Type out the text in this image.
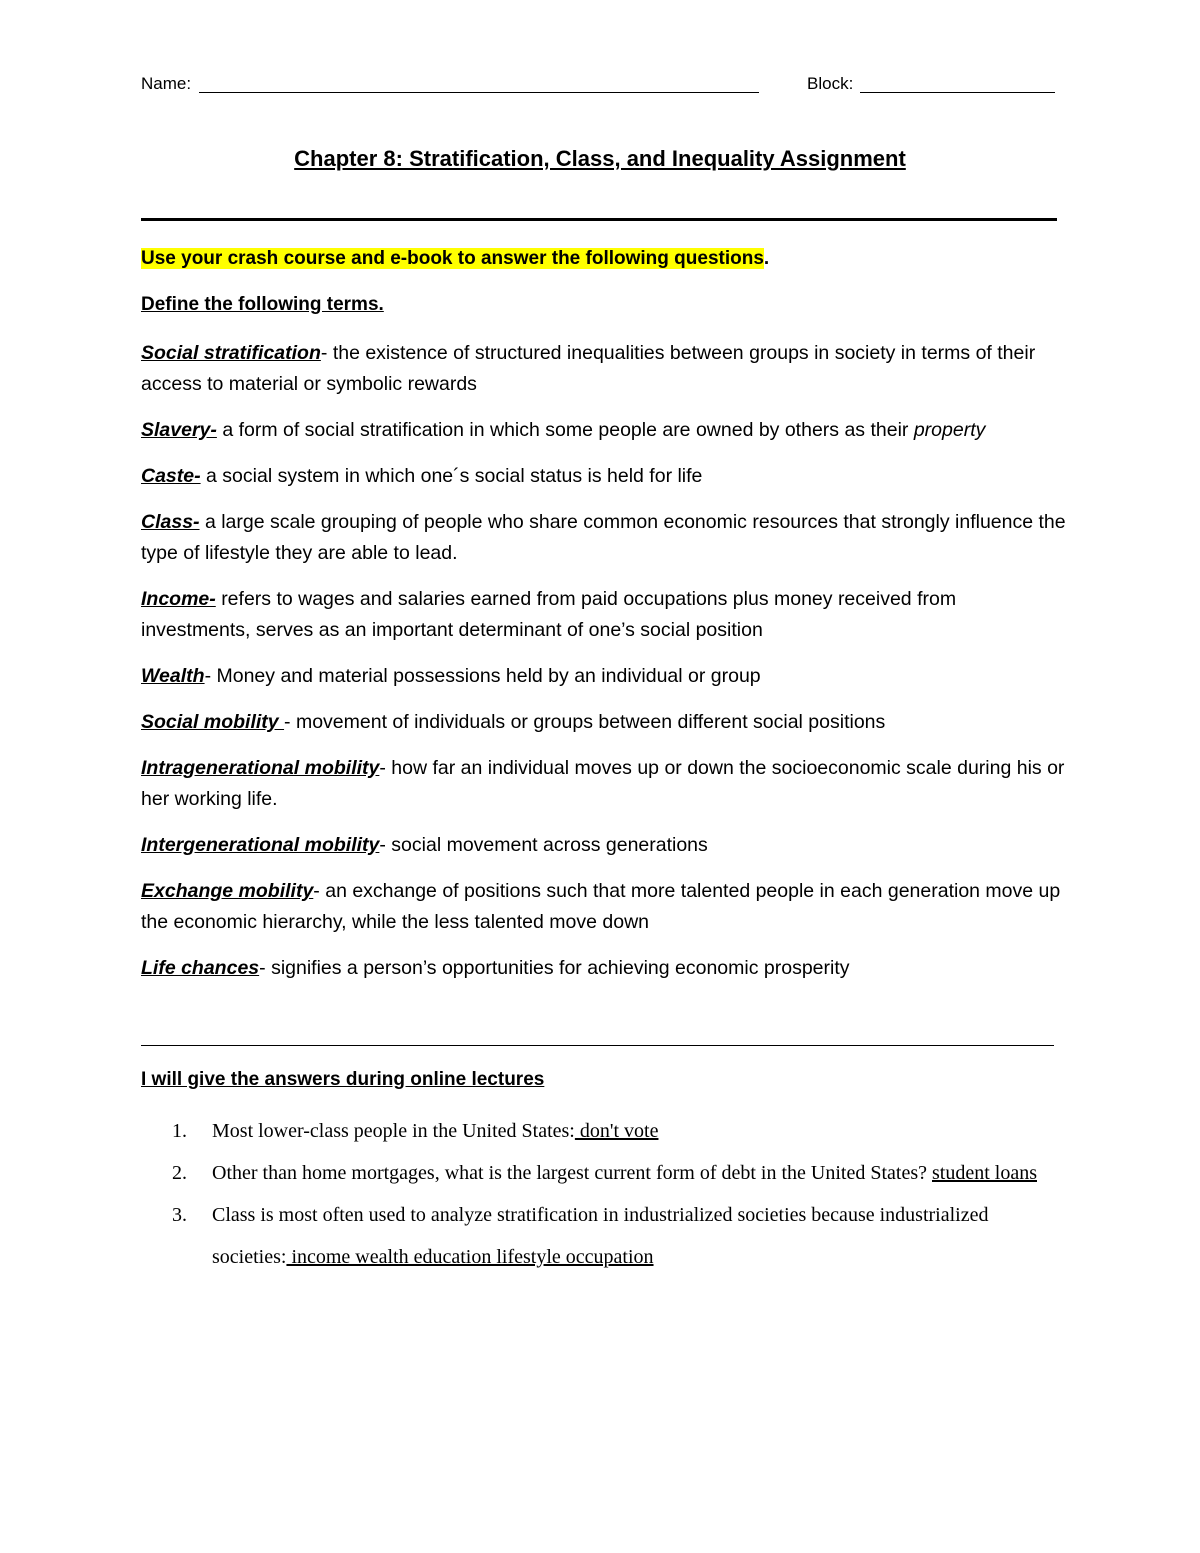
Name:	Block:
Chapter 8: Stratification, Class, and Inequality Assignment
Use your crash course and e-book to answer the following questions.
Define the following terms.

Social stratification- the existence of structured inequalities between groups in society in terms of their access to material or symbolic rewards

Slavery- a form of social stratification in which some people are owned by others as their property

Caste- a social system in which one´s social status is held for life

Class- a large scale grouping of people who share common economic resources that strongly influence the type of lifestyle they are able to lead.

Income- refers to wages and salaries earned from paid occupations plus money received from investments, serves as an important determinant of one’s social position

Wealth- Money and material possessions held by an individual or group

Social mobility - movement of individuals or groups between different social positions

Intragenerational mobility- how far an individual moves up or down the socioeconomic scale during his or her working life.

Intergenerational mobility- social movement across generations

Exchange mobility- an exchange of positions such that more talented people in each generation move up the economic hierarchy, while the less talented move down

Life chances- signifies a person’s opportunities for achieving economic prosperity

I will give the answers during online lectures
1. Most lower-class people in the United States: don't vote
2. Other than home mortgages, what is the largest current form of debt in the United States? student loans
3. Class is most often used to analyze stratification in industrialized societies because industrialized societies: income wealth education lifestyle occupation
